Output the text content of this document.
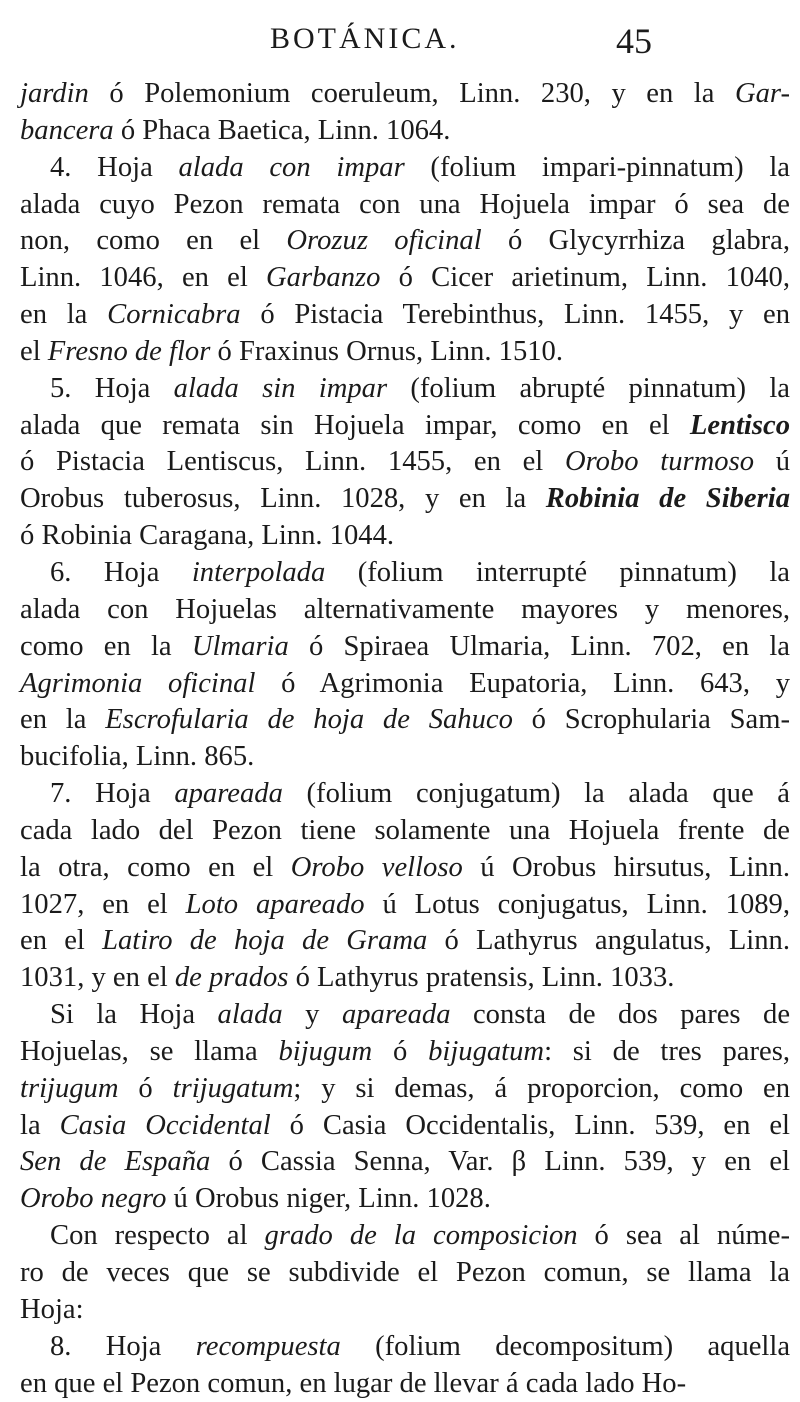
BOTÁNICA.	45
jardin ó Polemonium coeruleum, Linn. 230, y en la Gar-
bancera ó Phaca Baetica, Linn. 1064.
4. Hoja alada con impar (folium impari-pinnatum) la
alada cuyo Pezon remata con una Hojuela impar ó sea de
non, como en el Orozuz oficinal ó Glycyrrhiza glabra,
Linn. 1046, en el Garbanzo ó Cicer arietinum, Linn. 1040,
en la Cornicabra ó Pistacia Terebinthus, Linn. 1455, y en
el Fresno de flor ó Fraxinus Ornus, Linn. 1510.
5. Hoja alada sin impar (folium abrupté pinnatum) la
alada que remata sin Hojuela impar, como en el Lentisco
ó Pistacia Lentiscus, Linn. 1455, en el Orobo turmoso ú
Orobus tuberosus, Linn. 1028, y en la Robinia de Siberia
ó Robinia Caragana, Linn. 1044.
6. Hoja interpolada (folium interrupté pinnatum) la
alada con Hojuelas alternativamente mayores y menores,
como en la Ulmaria ó Spiraea Ulmaria, Linn. 702, en la
Agrimonia oficinal ó Agrimonia Eupatoria, Linn. 643, y
en la Escrofularia de hoja de Sahuco ó Scrophularia Sam-
bucifolia, Linn. 865.
7. Hoja apareada (folium conjugatum) la alada que á
cada lado del Pezon tiene solamente una Hojuela frente de
la otra, como en el Orobo velloso ú Orobus hirsutus, Linn.
1027, en el Loto apareado ú Lotus conjugatus, Linn. 1089,
en el Latiro de hoja de Grama ó Lathyrus angulatus, Linn.
1031, y en el de prados ó Lathyrus pratensis, Linn. 1033.
Si la Hoja alada y apareada consta de dos pares de
Hojuelas, se llama bijugum ó bijugatum: si de tres pares,
trijugum ó trijugatum; y si demas, á proporcion, como en
la Casia Occidental ó Casia Occidentalis, Linn. 539, en el
Sen de España ó Cassia Senna, Var. β Linn. 539, y en el
Orobo negro ú Orobus niger, Linn. 1028.
Con respecto al grado de la composicion ó sea al núme-
ro de veces que se subdivide el Pezon comun, se llama la
Hoja:
8. Hoja recompuesta (folium decompositum) aquella
en que el Pezon comun, en lugar de llevar á cada lado Ho-
